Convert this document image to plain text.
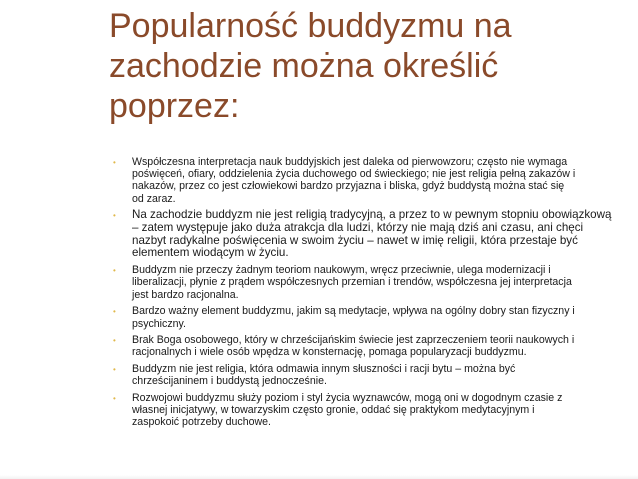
Popularność buddyzmu na
zachodzie można określić
poprzez:
• Współczesna interpretacja nauk buddyjskich jest daleka od pierwowzoru; często nie wymaga
poświęceń, ofiary, oddzielenia życia duchowego od świeckiego; nie jest religia pełną zakazów i
nakazów, przez co jest człowiekowi bardzo przyjazna i bliska, gdyż buddystą można stać się
od zaraz.
• Na zachodzie buddyzm nie jest religią tradycyjną, a przez to w pewnym stopniu obowiązkową
– zatem występuje jako duża atrakcja dla ludzi, którzy nie mają dziś ani czasu, ani chęci
nazbyt radykalne poświęcenia w swoim życiu – nawet w imię religii, która przestaje być
elementem wiodącym w życiu.
• Buddyzm nie przeczy żadnym teoriom naukowym, wręcz przeciwnie, ulega modernizacji i
liberalizacji, płynie z prądem współczesnych przemian i trendów, współczesna jej interpretacja
jest bardzo racjonalna.
• Bardzo ważny element buddyzmu, jakim są medytacje, wpływa na ogólny dobry stan fizyczny i
psychiczny.
• Brak Boga osobowego, który w chrześcijańskim świecie jest zaprzeczeniem teorii naukowych i
racjonalnych i wiele osób wpędza w konsternację, pomaga popularyzacji buddyzmu.
• Buddyzm nie jest religia, która odmawia innym słuszności i racji bytu – można być
chrześcijaninem i buddystą jednocześnie.
• Rozwojowi buddyzmu służy poziom i styl życia wyznawców, mogą oni w dogodnym czasie z
własnej inicjatywy, w towarzyskim często gronie, oddać się praktykom medytacyjnym i
zaspokoić potrzeby duchowe.
